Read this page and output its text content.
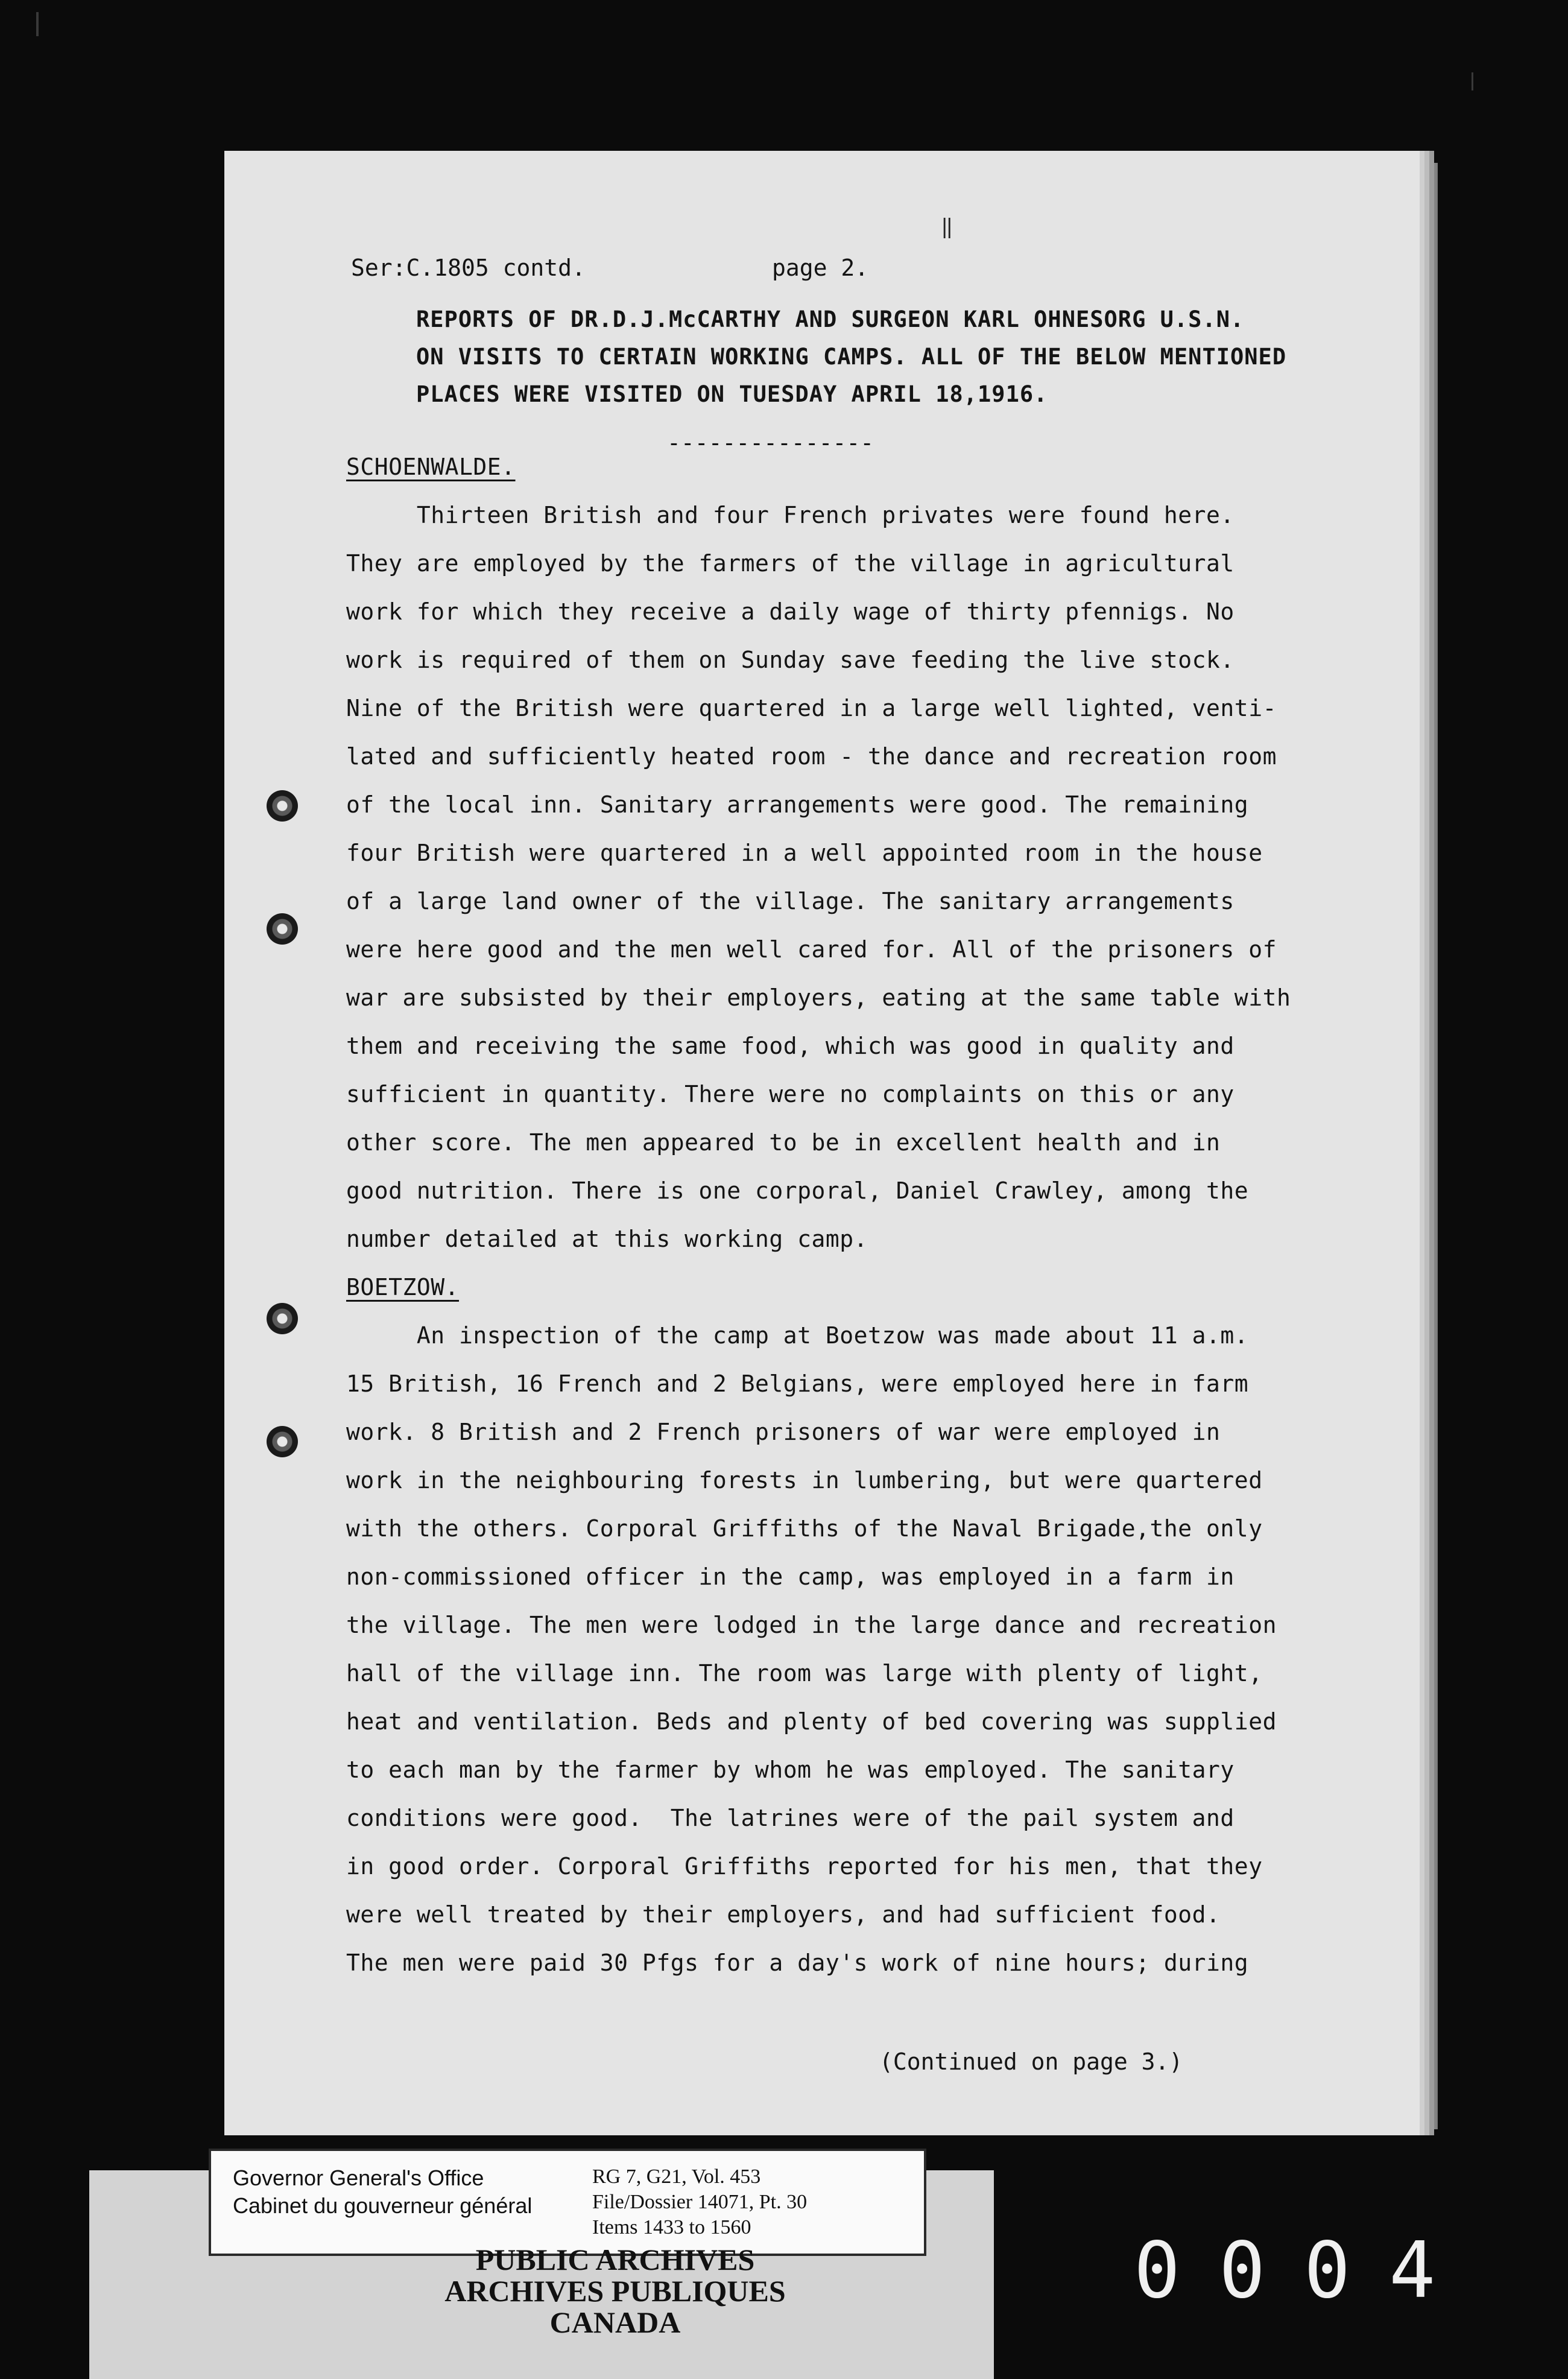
‖
Ser:C.1805 contd.	page 2.
REPORTS OF DR.D.J.McCARTHY AND SURGEON KARL OHNESORG U.S.N.
ON VISITS TO CERTAIN WORKING CAMPS. ALL OF THE BELOW MENTIONED
PLACES WERE VISITED ON TUESDAY APRIL 18,1916.
---------------
SCHOENWALDE.
Thirteen British and four French privates were found here.
They are employed by the farmers of the village in agricultural
work for which they receive a daily wage of thirty pfennigs. No
work is required of them on Sunday save feeding the live stock.
Nine of the British were quartered in a large well lighted, venti-
lated and sufficiently heated room - the dance and recreation room
of the local inn. Sanitary arrangements were good. The remaining
four British were quartered in a well appointed room in the house
of a large land owner of the village. The sanitary arrangements
were here good and the men well cared for. All of the prisoners of
war are subsisted by their employers, eating at the same table with
them and receiving the same food, which was good in quality and
sufficient in quantity. There were no complaints on this or any
other score. The men appeared to be in excellent health and in
good nutrition. There is one corporal, Daniel Crawley, among the
number detailed at this working camp.
BOETZOW.
An inspection of the camp at Boetzow was made about 11 a.m.
15 British, 16 French and 2 Belgians, were employed here in farm
work. 8 British and 2 French prisoners of war were employed in
work in the neighbouring forests in lumbering, but were quartered
with the others. Corporal Griffiths of the Naval Brigade,the only
non-commissioned officer in the camp, was employed in a farm in
the village. The men were lodged in the large dance and recreation
hall of the village inn. The room was large with plenty of light,
heat and ventilation. Beds and plenty of bed covering was supplied
to each man by the farmer by whom he was employed. The sanitary
conditions were good.  The latrines were of the pail system and
in good order. Corporal Griffiths reported for his men, that they
were well treated by their employers, and had sufficient food.
The men were paid 30 Pfgs for a day's work of nine hours; during
(Continued on page 3.)
Governor General's Office
Cabinet du gouverneur général
RG 7, G21, Vol. 453
File/Dossier 14071, Pt. 30
Items 1433 to 1560
PUBLIC ARCHIVES
ARCHIVES PUBLIQUES
CANADA
0004
